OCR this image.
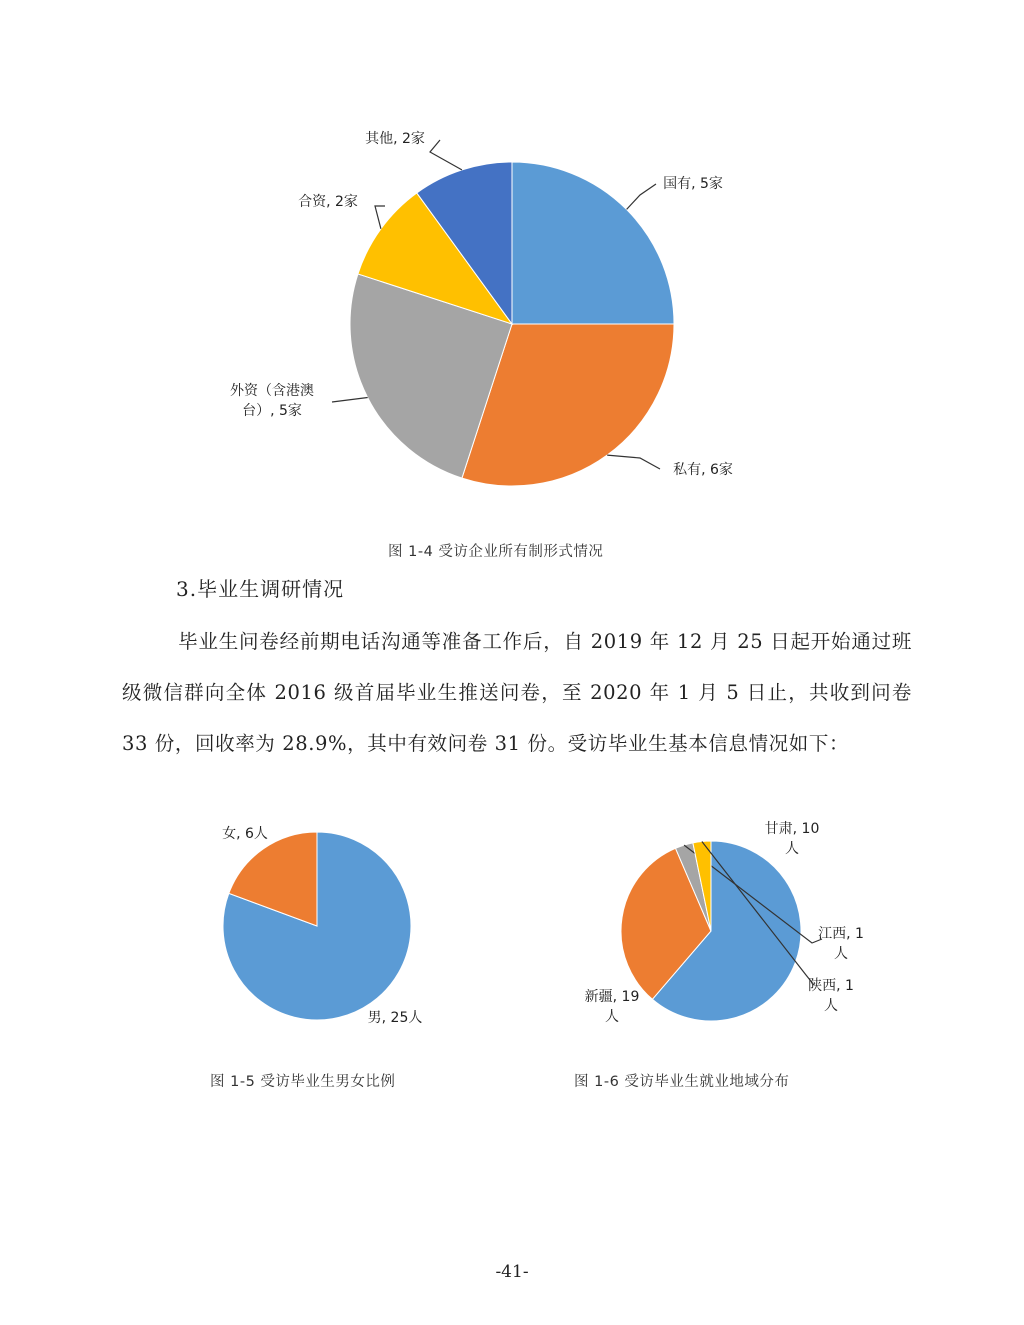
国有, 5家
私有, 6家
外资（含港澳台）, 5家
合资, 2家
其他, 2家
图 1-4 受访企业所有制形式情况
3.毕业生调研情况
毕业生问卷经前期电话沟通等准备工作后，自 2019 年 12 月 25 日起开始通过班级微信群向全体 2016 级首届毕业生推送问卷，至 2020 年 1 月 5 日止，共收到问卷 33 份，回收率为 28.9%，其中有效问卷 31 份。受访毕业生基本信息情况如下：
男, 25人
女, 6人
图 1-5 受访毕业生男女比例
新疆, 19 人
甘肃, 10 人
江西, 1 人
陕西, 1 人
图 1-6 受访毕业生就业地域分布
-41-
